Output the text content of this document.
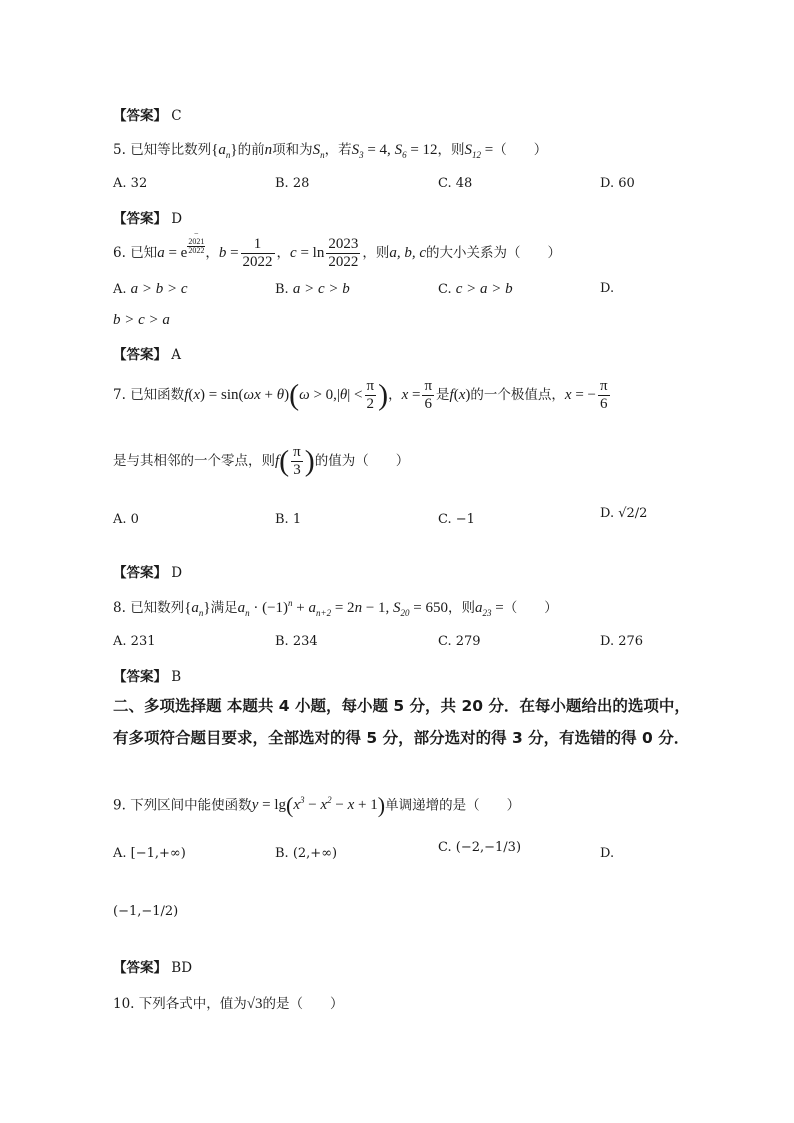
【答案】 C
5. 已知等比数列$\{a_n\}$的前n项和为$S_n$，若$S_3 = 4$, $S_6 = 12$，则$S_{12}$ =（　　）
A. 32	B. 28	C. 48	D. 60
【答案】 D
6. 已知a = e−
2021
2022 ，$b = \frac{1}{2022}$ ，$c = \ln \frac{2023}{2022}$ ，则a, b, c的大小关系为（　　）
A. a > b > c	B. a > c > b	C. c > a > b	D.
b > c > a
【答案】 A
7. 已知函数$f(x) = \sin(\omega x + \theta)(\omega > 0,|\theta| < \frac{\pi}{2}$ )，$x = \frac{\pi}{6}$ 是f(x)的一个极值点，x = − $\frac{\pi}{6}$
是与其相邻的一个零点，则$f( \frac{\pi}{3}$ )的值为（　　）
A. 0	B. 1	C. −1	D. √2/2
【答案】 D
8. 已知数列$\{a_n\}$满足$a_n \cdot (-1)^n + a_{n+2} = 2n - 1$, $S_{20} = 650$，则$a_{23}$ =（　　）
A. 231	B. 234	C. 279	D. 276
【答案】 B
二、多项选择题 本题共 4 小题，每小题 5 分，共 20 分．在每小题给出的选项中，有多项符合题目要求，全部选对的得 5 分，部分选对的得 3 分，有选错的得 0 分．
9. 下列区间中能使函数$y = \lg(x^3 - x^2 - x + 1)$单调递增的是（　　）
A. [−1,+∞)	B. (2,+∞)	C. (−2,−1/3)	D.
(−1,−1/2)
【答案】 BD
10. 下列各式中，值为√3的是（　　）
